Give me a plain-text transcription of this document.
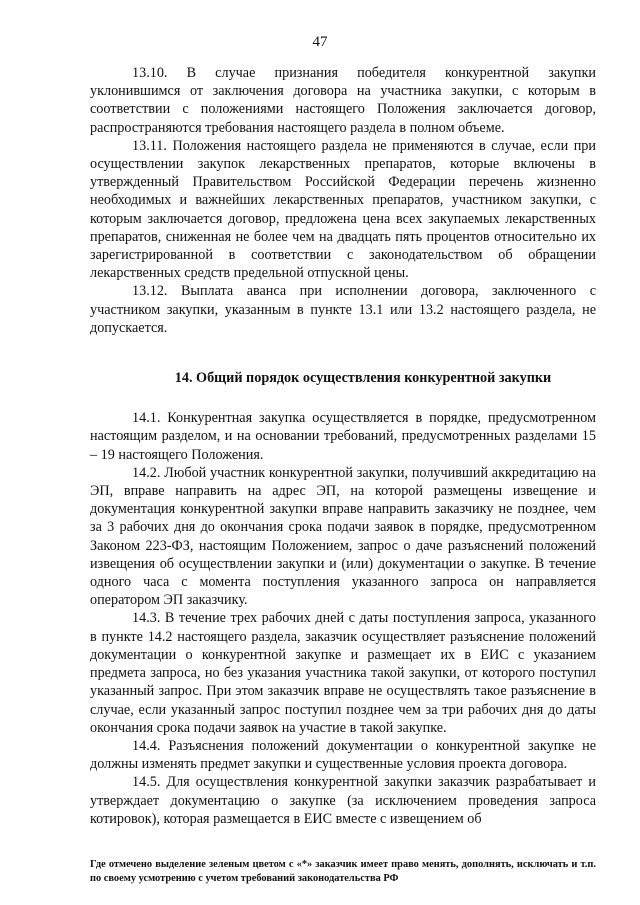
47

13.10. В случае признания победителя конкурентной закупки уклонившимся от заключения договора на участника закупки, с которым в соответствии с положениями настоящего Положения заключается договор, распространяются требования настоящего раздела в полном объеме.

13.11. Положения настоящего раздела не применяются в случае, если при осуществлении закупок лекарственных препаратов, которые включены в утвержденный Правительством Российской Федерации перечень жизненно необходимых и важнейших лекарственных препаратов, участником закупки, с которым заключается договор, предложена цена всех закупаемых лекарственных препаратов, сниженная не более чем на двадцать пять процентов относительно их зарегистрированной в соответствии с законодательством об обращении лекарственных средств предельной отпускной цены.

13.12. Выплата аванса при исполнении договора, заключенного с участником закупки, указанным в пункте 13.1 или 13.2 настоящего раздела, не допускается.

14. Общий порядок осуществления конкурентной закупки

14.1. Конкурентная закупка осуществляется в порядке, предусмотренном настоящим разделом, и на основании требований, предусмотренных разделами 15 – 19 настоящего Положения.

14.2. Любой участник конкурентной закупки, получивший аккредитацию на ЭП, вправе направить на адрес ЭП, на которой размещены извещение и документация конкурентной закупки вправе направить заказчику не позднее, чем за 3 рабочих дня до окончания срока подачи заявок в порядке, предусмотренном Законом 223-ФЗ, настоящим Положением, запрос о даче разъяснений положений извещения об осуществлении закупки и (или) документации о закупке. В течение одного часа с момента поступления указанного запроса он направляется оператором ЭП заказчику.

14.3. В течение трех рабочих дней с даты поступления запроса, указанного в пункте 14.2 настоящего раздела, заказчик осуществляет разъяснение положений документации о конкурентной закупке и размещает их в ЕИС с указанием предмета запроса, но без указания участника такой закупки, от которого поступил указанный запрос. При этом заказчик вправе не осуществлять такое разъяснение в случае, если указанный запрос поступил позднее чем за три рабочих дня до даты окончания срока подачи заявок на участие в такой закупке.

14.4. Разъяснения положений документации о конкурентной закупке не должны изменять предмет закупки и существенные условия проекта договора.

14.5. Для осуществления конкурентной закупки заказчик разрабатывает и утверждает документацию о закупке (за исключением проведения запроса котировок), которая размещается в ЕИС вместе с извещением об

Где отмечено выделение зеленым цветом с «*» заказчик имеет право менять, дополнять, исключать и т.п. по своему усмотрению с учетом требований законодательства РФ
